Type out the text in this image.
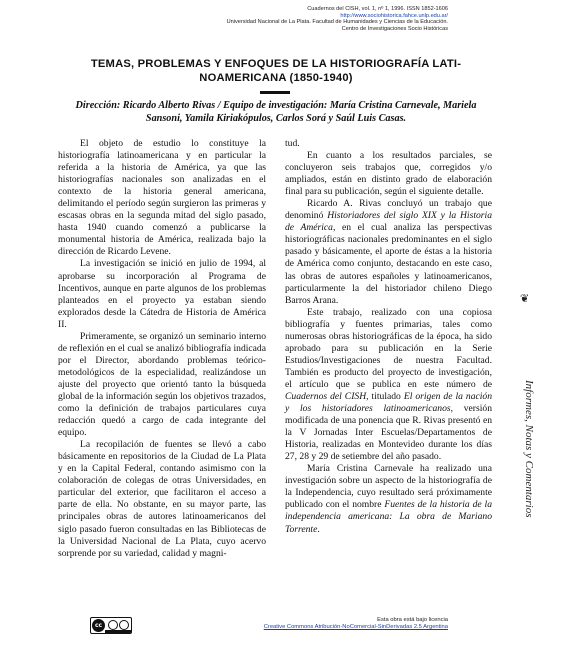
Cuadernos del CISH, vol. 1, nº 1, 1996. ISSN 1852-1606
http://www.sociohistorica.fahce.unlp.edu.ar/
Universidad Nacional de La Plata. Facultad de Humanidades y Ciencias de la Educación.
Centro de Investigaciones Socio Históricas
TEMAS, PROBLEMAS Y ENFOQUES DE LA HISTORIOGRAFÍA LATI-NOAMERICANA (1850-1940)
Dirección: Ricardo Alberto Rivas / Equipo de investigación: María Cristina Carnevale, Mariela Sansoni, Yamila Kiriakópulos, Carlos Sorá y Saúl Luis Casas.

El objeto de estudio lo constituye la historiografía latinoamericana y en particular la referida a la historia de América, ya que las historiografías nacionales son analizadas en el contexto de la historia general americana, delimitando el período según surgieron las primeras y escasas obras en la segunda mitad del siglo pasado, hasta 1940 cuando comenzó a publicarse la monumental historia de América, realizada bajo la dirección de Ricardo Levene.

La investigación se inició en julio de 1994, al aprobarse su incorporación al Programa de Incentivos, aunque en parte algunos de los problemas planteados en el proyecto ya estaban siendo explorados desde la Cátedra de Historia de América II.

Primeramente, se organizó un seminario interno de reflexión en el cual se analizó bibliografía indicada por el Director, abordando problemas teórico-metodológicos de la especialidad, realizándose un ajuste del proyecto que orientó tanto la búsqueda global de la información según los objetivos trazados, como la definición de trabajos particulares cuya redacción quedó a cargo de cada integrante del equipo.

La recopilación de fuentes se llevó a cabo básicamente en repositorios de la Ciudad de La Plata y en la Capital Federal, contando asimismo con la colaboración de colegas de otras Universidades, en particular del exterior, que facilitaron el acceso a parte de ella. No obstante, en su mayor parte, las principales obras de autores latinoamericanos del siglo pasado fueron consultadas en las Bibliotecas de la Universidad Nacional de La Plata, cuyo acervo sorprende por su variedad, calidad y magni-

tud.

En cuanto a los resultados parciales, se concluyeron seis trabajos que, corregidos y/o ampliados, están en distinto grado de elaboración final para su publicación, según el siguiente detalle.

Ricardo A. Rivas concluyó un trabajo que denominó Historiadores del siglo XIX y la Historia de América, en el cual analiza las perspectivas historiográficas nacionales predominantes en el siglo pasado y básicamente, el aporte de éstas a la historia de América como conjunto, destacando en este caso, las obras de autores españoles y latinoamericanos, particularmente la del historiador chileno Diego Barros Arana.

Este trabajo, realizado con una copiosa bibliografía y fuentes primarias, tales como numerosas obras historiográficas de la época, ha sido aprobado para su publicación en la Serie Estudios/Investigaciones de nuestra Facultad. También es producto del proyecto de investigación, el artículo que se publica en este número de Cuadernos del CISH, titulado El origen de la nación y los historiadores latinoamericanos, versión modificada de una ponencia que R. Rivas presentó en la V Jornadas Inter Escuelas/Departamentos de Historia, realizadas en Montevideo durante los días 27, 28 y 29 de setiembre del año pasado.

María Cristina Carnevale ha realizado una investigación sobre un aspecto de la historiografía de la Independencia, cuyo resultado será próximamente publicado con el nombre Fuentes de la historia de la independencia americana: La obra de Mariano Torrente.

❦
Informes, Notas y Comentarios
cc
Esta obra está bajo licencia
Creative Commons Atribución-NoComercial-SinDerivadas 2.5 Argentina
